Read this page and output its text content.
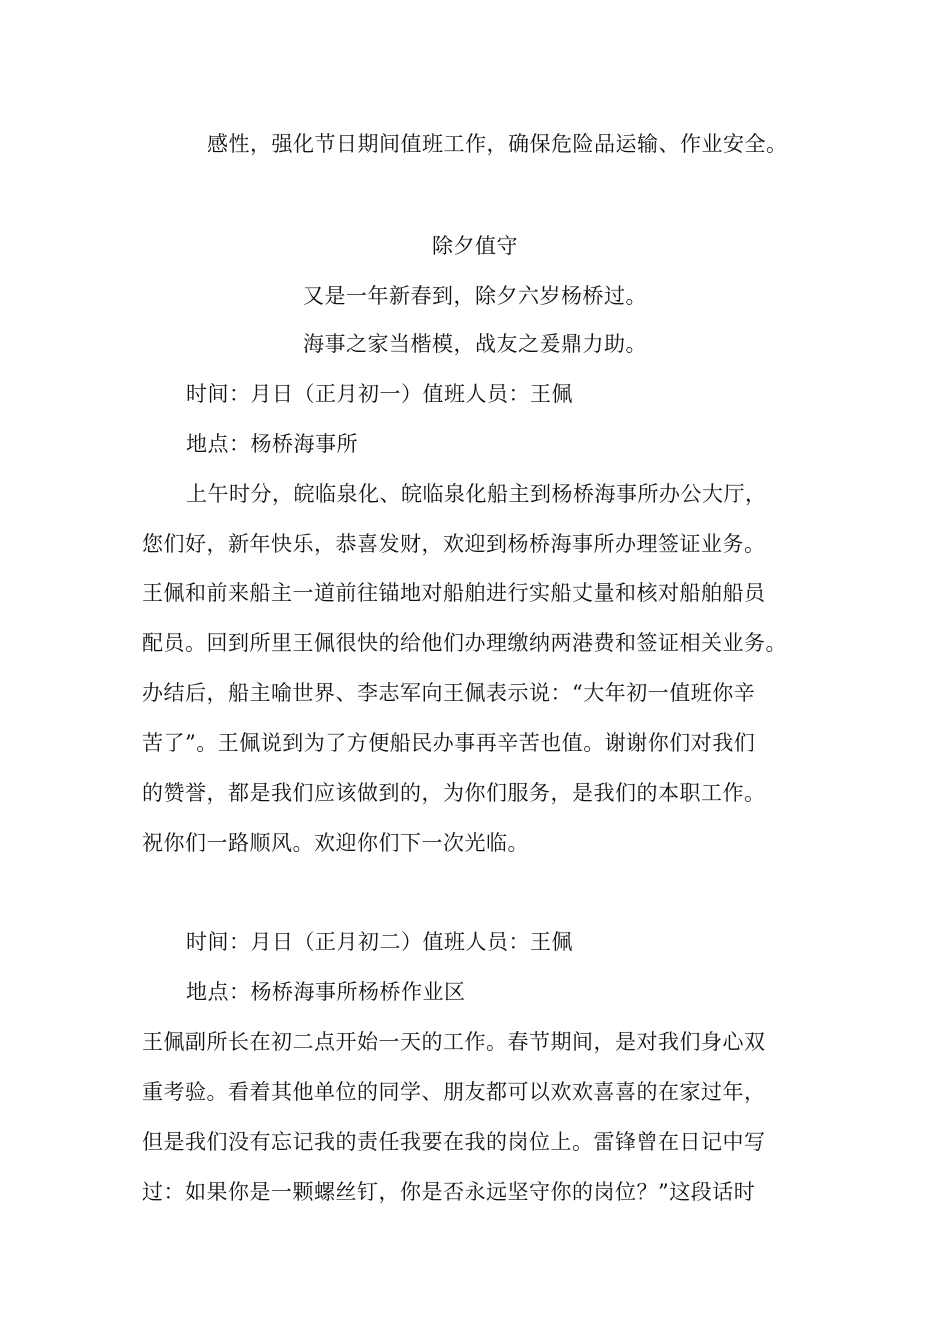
感性，强化节日期间值班工作，确保危险品运输、作业安全。
除夕值守
又是一年新春到，除夕六岁杨桥过。
海事之家当楷模，战友之爰鼎力助。
时间：月日（正月初一）值班人员：王佩
地点：杨桥海事所
上午时分，皖临泉化、皖临泉化船主到杨桥海事所办公大厅，
您们好，新年快乐，恭喜发财，欢迎到杨桥海事所办理签证业务。
王佩和前来船主一道前往锚地对船舶进行实船丈量和核对船舶船员
配员。回到所里王佩很快的给他们办理缴纳两港费和签证相关业务。
办结后，船主喻世界、李志军向王佩表示说：“大年初一值班你辛
苦了”。王佩说到为了方便船民办事再辛苦也值。谢谢你们对我们
的赞誉，都是我们应该做到的，为你们服务，是我们的本职工作。
祝你们一路顺风。欢迎你们下一次光临。
时间：月日（正月初二）值班人员：王佩
地点：杨桥海事所杨桥作业区
王佩副所长在初二点开始一天的工作。春节期间，是对我们身心双
重考验。看着其他单位的同学、朋友都可以欢欢喜喜的在家过年，
但是我们没有忘记我的责任我要在我的岗位上。雷锋曾在日记中写
过：如果你是一颗螺丝钉，你是否永远坚守你的岗位？”这段话时
